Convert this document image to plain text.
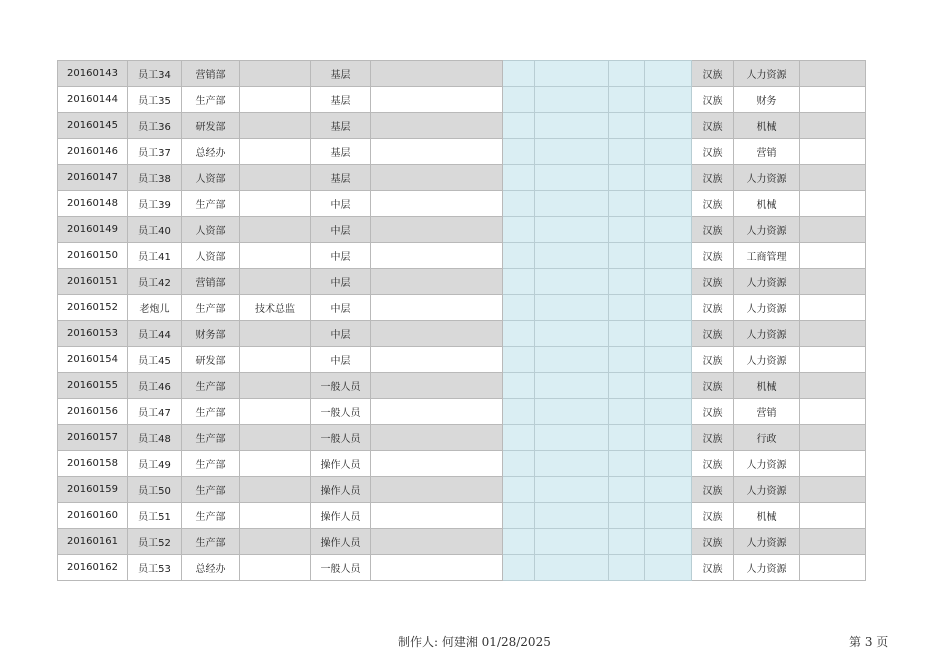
20160143	员工34	营销部		基层						汉族	人力资源	
20160144	员工35	生产部		基层						汉族	财务	
20160145	员工36	研发部		基层						汉族	机械	
20160146	员工37	总经办		基层						汉族	营销	
20160147	员工38	人资部		基层						汉族	人力资源	
20160148	员工39	生产部		中层						汉族	机械	
20160149	员工40	人资部		中层						汉族	人力资源	
20160150	员工41	人资部		中层						汉族	工商管理	
20160151	员工42	营销部		中层						汉族	人力资源	
20160152	老炮儿	生产部	技术总监	中层						汉族	人力资源	
20160153	员工44	财务部		中层						汉族	人力资源	
20160154	员工45	研发部		中层						汉族	人力资源	
20160155	员工46	生产部		一般人员						汉族	机械	
20160156	员工47	生产部		一般人员						汉族	营销	
20160157	员工48	生产部		一般人员						汉族	行政	
20160158	员工49	生产部		操作人员						汉族	人力资源	
20160159	员工50	生产部		操作人员						汉族	人力资源	
20160160	员工51	生产部		操作人员						汉族	机械	
20160161	员工52	生产部		操作人员						汉族	人力资源	
20160162	员工53	总经办		一般人员						汉族	人力资源	
制作人: 何建湘 01/28/2025	第 3 页
